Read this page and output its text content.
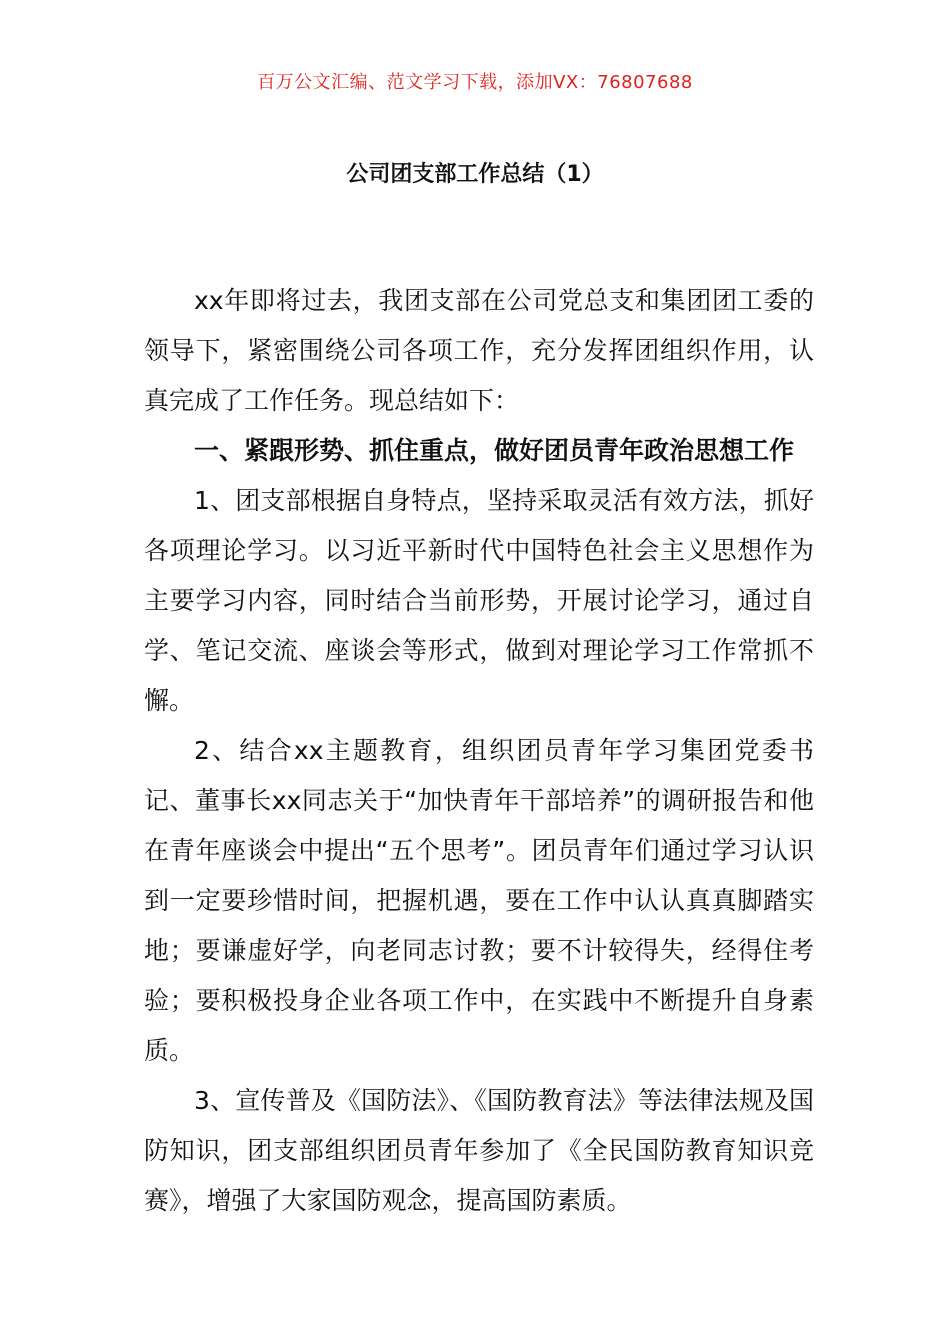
百万公文汇编、范文学习下载，添加VX：76807688
公司团支部工作总结（1）

xx年即将过去，我团支部在公司党总支和集团团工委的领导下，紧密围绕公司各项工作，充分发挥团组织作用，认真完成了工作任务。现总结如下：

一、紧跟形势、抓住重点，做好团员青年政治思想工作

1、团支部根据自身特点，坚持采取灵活有效方法，抓好各项理论学习。以习近平新时代中国特色社会主义思想作为主要学习内容，同时结合当前形势，开展讨论学习，通过自学、笔记交流、座谈会等形式，做到对理论学习工作常抓不懈。

2、结合xx主题教育，组织团员青年学习集团党委书记、董事长xx同志关于“加快青年干部培养”的调研报告和他在青年座谈会中提出“五个思考”。团员青年们通过学习认识到一定要珍惜时间，把握机遇，要在工作中认认真真脚踏实地；要谦虚好学，向老同志讨教；要不计较得失，经得住考验；要积极投身企业各项工作中，在实践中不断提升自身素质。

3、宣传普及《国防法》、《国防教育法》等法律法规及国防知识，团支部组织团员青年参加了《全民国防教育知识竞赛》，增强了大家国防观念，提高国防素质。
